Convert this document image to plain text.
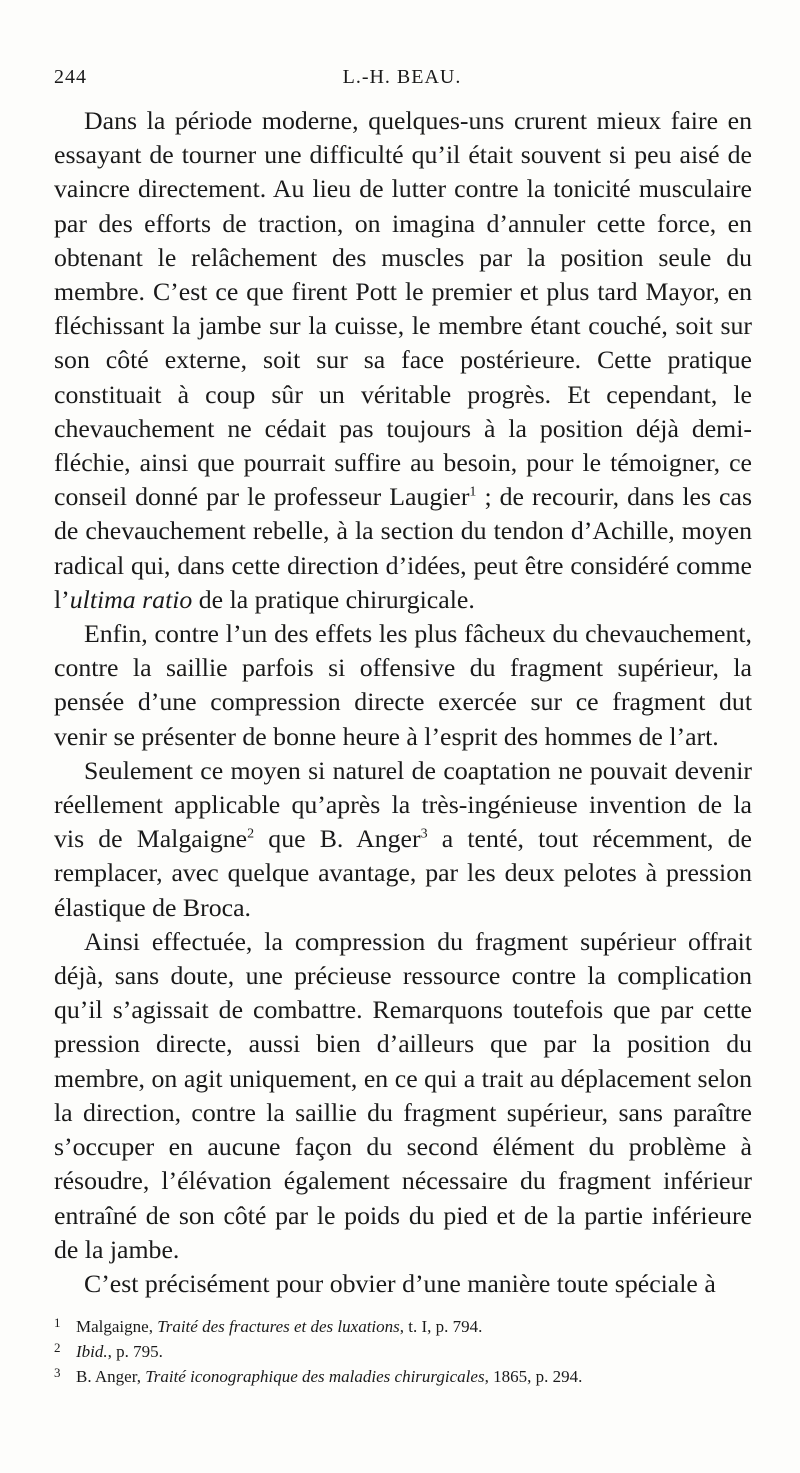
244	L.-H. BEAU.

Dans la période moderne, quelques-uns crurent mieux faire en essayant de tourner une difficulté qu’il était souvent si peu aisé de vaincre directement. Au lieu de lutter contre la tonicité musculaire par des efforts de traction, on imagina d’annuler cette force, en obtenant le relâchement des muscles par la position seule du membre. C’est ce que firent Pott le premier et plus tard Mayor, en fléchissant la jambe sur la cuisse, le membre étant couché, soit sur son côté externe, soit sur sa face postérieure. Cette pratique constituait à coup sûr un véritable progrès. Et cependant, le chevauchement ne cédait pas toujours à la position déjà demi-fléchie, ainsi que pourrait suffire au besoin, pour le témoigner, ce conseil donné par le professeur Laugier$^1$ ; de recourir, dans les cas de chevauchement rebelle, à la section du tendon d’Achille, moyen radical qui, dans cette direction d’idées, peut être considéré comme l’ultima ratio de la pratique chirurgicale.

Enfin, contre l’un des effets les plus fâcheux du chevauchement, contre la saillie parfois si offensive du fragment supérieur, la pensée d’une compression directe exercée sur ce fragment dut venir se présenter de bonne heure à l’esprit des hommes de l’art.

Seulement ce moyen si naturel de coaptation ne pouvait devenir réellement applicable qu’après la très-ingénieuse invention de la vis de Malgaigne$^2$ que B. Anger$^3$ a tenté, tout récemment, de remplacer, avec quelque avantage, par les deux pelotes à pression élastique de Broca.

Ainsi effectuée, la compression du fragment supérieur offrait déjà, sans doute, une précieuse ressource contre la complication qu’il s’agissait de combattre. Remarquons toutefois que par cette pression directe, aussi bien d’ailleurs que par la position du membre, on agit uniquement, en ce qui a trait au déplacement selon la direction, contre la saillie du fragment supérieur, sans paraître s’occuper en aucune façon du second élément du problème à résoudre, l’élévation également nécessaire du fragment inférieur entraîné de son côté par le poids du pied et de la partie inférieure de la jambe.

C’est précisément pour obvier d’une manière toute spéciale à

1 Malgaigne, Traité des fractures et des luxations, t. I, p. 794.
2 Ibid., p. 795.
3 B. Anger, Traité iconographique des maladies chirurgicales, 1865, p. 294.
